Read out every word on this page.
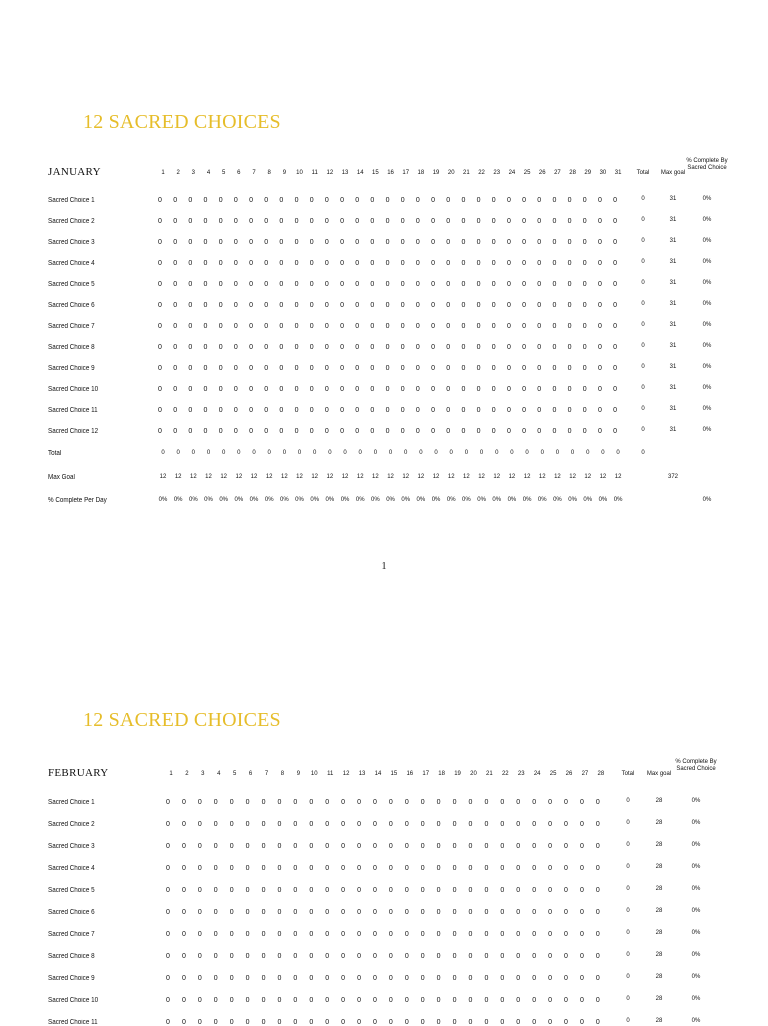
12 SACRED CHOICES
JANUARY	1 2 3 4 5 6 7 8 9 10 11 12 13 14 15 16 17 18 19 20 21 22 23 24 25 26 27 28 29 30 31	Total Max goal
% Complete By Sacred Choice
Sacred Choice 1	0 0 0 0 0 0 0 0 0 0 0 0 0 0 0 0 0 0 0 0 0 0 0 0 0 0 0 0 0 0 0	0	31	0%
Sacred Choice 2	0 0 0 0 0 0 0 0 0 0 0 0 0 0 0 0 0 0 0 0 0 0 0 0 0 0 0 0 0 0 0	0	31	0%
Sacred Choice 3	0 0 0 0 0 0 0 0 0 0 0 0 0 0 0 0 0 0 0 0 0 0 0 0 0 0 0 0 0 0 0	0	31	0%
Sacred Choice 4	0 0 0 0 0 0 0 0 0 0 0 0 0 0 0 0 0 0 0 0 0 0 0 0 0 0 0 0 0 0 0	0	31	0%
Sacred Choice 5	0 0 0 0 0 0 0 0 0 0 0 0 0 0 0 0 0 0 0 0 0 0 0 0 0 0 0 0 0 0 0	0	31	0%
Sacred Choice 6	0 0 0 0 0 0 0 0 0 0 0 0 0 0 0 0 0 0 0 0 0 0 0 0 0 0 0 0 0 0 0	0	31	0%
Sacred Choice 7	0 0 0 0 0 0 0 0 0 0 0 0 0 0 0 0 0 0 0 0 0 0 0 0 0 0 0 0 0 0 0	0	31	0%
Sacred Choice 8	0 0 0 0 0 0 0 0 0 0 0 0 0 0 0 0 0 0 0 0 0 0 0 0 0 0 0 0 0 0 0	0	31	0%
Sacred Choice 9	0 0 0 0 0 0 0 0 0 0 0 0 0 0 0 0 0 0 0 0 0 0 0 0 0 0 0 0 0 0 0	0	31	0%
Sacred Choice 10	0 0 0 0 0 0 0 0 0 0 0 0 0 0 0 0 0 0 0 0 0 0 0 0 0 0 0 0 0 0 0	0	31	0%
Sacred Choice 11	0 0 0 0 0 0 0 0 0 0 0 0 0 0 0 0 0 0 0 0 0 0 0 0 0 0 0 0 0 0 0	0	31	0%
Sacred Choice 12	0 0 0 0 0 0 0 0 0 0 0 0 0 0 0 0 0 0 0 0 0 0 0 0 0 0 0 0 0 0 0	0	31	0%
Total	0 0 0 0 0 0 0 0 0 0 0 0 0 0 0 0 0 0 0 0 0 0 0 0 0 0 0 0 0 0 0	0
Max Goal	12 12 12 12 12 12 12 12 12 12 12 12 12 12 12 12 12 12 12 12 12 12 12 12 12 12 12 12 12 12 12	372
% Complete Per Day	0% 0% 0% 0% 0% 0% 0% 0% 0% 0% 0% 0% 0% 0% 0% 0% 0% 0% 0% 0% 0% 0% 0% 0% 0% 0% 0% 0% 0% 0% 0%	0%
1
12 SACRED CHOICES
FEBRUARY	1 2 3 4 5 6 7 8 9 10 11 12 13 14 15 16 17 18 19 20 21 22 23 24 25 26 27 28	Total Max goal
% Complete By Sacred Choice
Sacred Choice 1	0 0 0 0 0 0 0 0 0 0 0 0 0 0 0 0 0 0 0 0 0 0 0 0 0 0 0 0	0	28	0%
Sacred Choice 2	0 0 0 0 0 0 0 0 0 0 0 0 0 0 0 0 0 0 0 0 0 0 0 0 0 0 0 0	0	28	0%
Sacred Choice 3	0 0 0 0 0 0 0 0 0 0 0 0 0 0 0 0 0 0 0 0 0 0 0 0 0 0 0 0	0	28	0%
Sacred Choice 4	0 0 0 0 0 0 0 0 0 0 0 0 0 0 0 0 0 0 0 0 0 0 0 0 0 0 0 0	0	28	0%
Sacred Choice 5	0 0 0 0 0 0 0 0 0 0 0 0 0 0 0 0 0 0 0 0 0 0 0 0 0 0 0 0	0	28	0%
Sacred Choice 6	0 0 0 0 0 0 0 0 0 0 0 0 0 0 0 0 0 0 0 0 0 0 0 0 0 0 0 0	0	28	0%
Sacred Choice 7	0 0 0 0 0 0 0 0 0 0 0 0 0 0 0 0 0 0 0 0 0 0 0 0 0 0 0 0	0	28	0%
Sacred Choice 8	0 0 0 0 0 0 0 0 0 0 0 0 0 0 0 0 0 0 0 0 0 0 0 0 0 0 0 0	0	28	0%
Sacred Choice 9	0 0 0 0 0 0 0 0 0 0 0 0 0 0 0 0 0 0 0 0 0 0 0 0 0 0 0 0	0	28	0%
Sacred Choice 10	0 0 0 0 0 0 0 0 0 0 0 0 0 0 0 0 0 0 0 0 0 0 0 0 0 0 0 0	0	28	0%
Sacred Choice 11	0 0 0 0 0 0 0 0 0 0 0 0 0 0 0 0 0 0 0 0 0 0 0 0 0 0 0 0	0	28	0%
